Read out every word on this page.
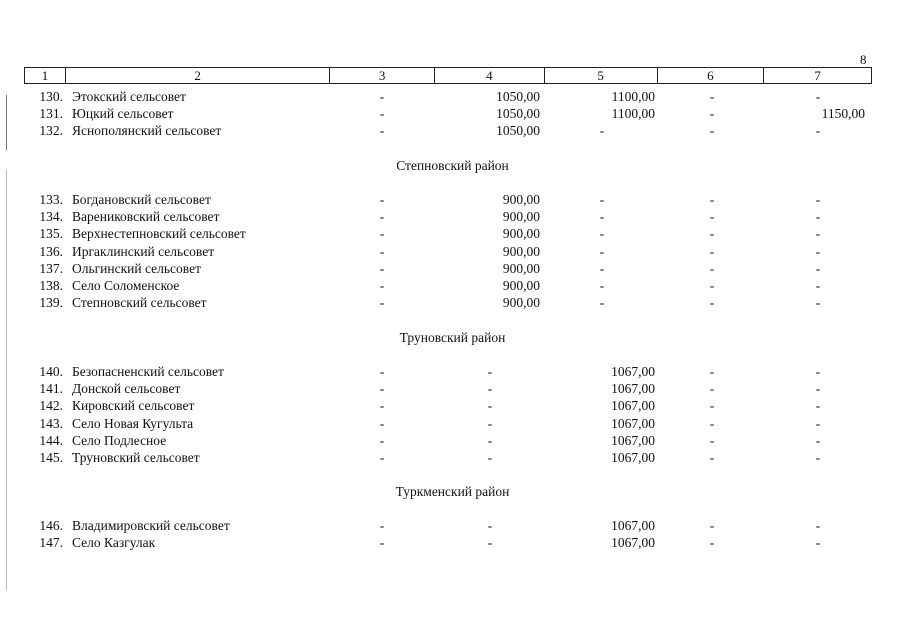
8
1	2	3	4	5	6	7
130. Этокский сельсовет	-	1050,00	1100,00	-	-
131. Юцкий сельсовет	-	1050,00	1100,00	-	1150,00
132. Яснополянский сельсовет	-	1050,00	-	-	-
Степновский район
133. Богдановский сельсовет	-	900,00	-	-	-
134. Варениковский сельсовет	-	900,00	-	-	-
135. Верхнестепновский сельсовет	-	900,00	-	-	-
136. Иргаклинский сельсовет	-	900,00	-	-	-
137. Ольгинский сельсовет	-	900,00	-	-	-
138. Село Соломенское	-	900,00	-	-	-
139. Степновский сельсовет	-	900,00	-	-	-
Труновский район
140. Безопасненский сельсовет	-	-	1067,00	-	-
141. Донской сельсовет	-	-	1067,00	-	-
142. Кировский сельсовет	-	-	1067,00	-	-
143. Село Новая Кугульта	-	-	1067,00	-	-
144. Село Подлесное	-	-	1067,00	-	-
145. Труновский сельсовет	-	-	1067,00	-	-
Туркменский район
146. Владимировский сельсовет	-	-	1067,00	-	-
147. Село Казгулак	-	-	1067,00	-	-
